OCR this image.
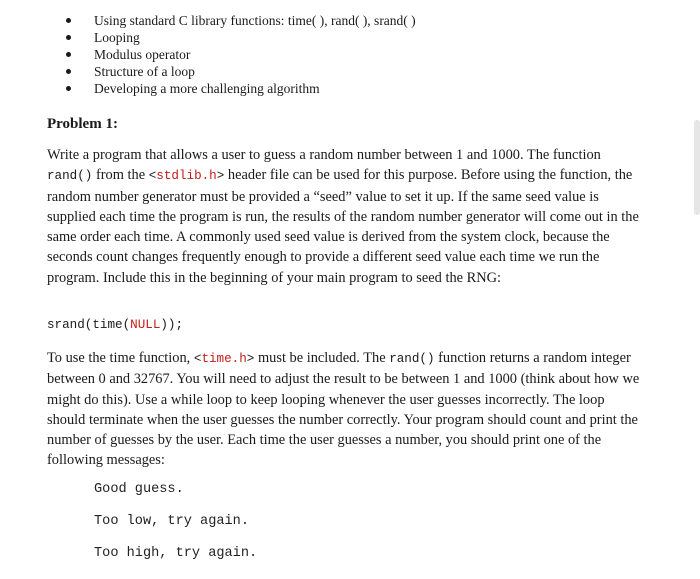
Using standard C library functions: time( ), rand( ), srand( )
Looping
Modulus operator
Structure of a loop
Developing a more challenging algorithm
Problem 1:

Write a program that allows a user to guess a random number between 1 and 1000. The function rand() from the <stdlib.h> header file can be used for this purpose. Before using the function, the random number generator must be provided a “seed” value to set it up. If the same seed value is supplied each time the program is run, the results of the random number generator will come out in the same order each time. A commonly used seed value is derived from the system clock, because the seconds count changes frequently enough to provide a different seed value each time we run the program. Include this in the beginning of your main program to seed the RNG:

srand(time(NULL));

To use the time function, <time.h> must be included. The rand() function returns a random integer between 0 and 32767. You will need to adjust the result to be between 1 and 1000 (think about how we might do this). Use a while loop to keep looping whenever the user guesses incorrectly. The loop should terminate when the user guesses the number correctly. Your program should count and print the number of guesses by the user. Each time the user guesses a number, you should print one of the following messages:

Good guess.
Too low, try again.
Too high, try again.
